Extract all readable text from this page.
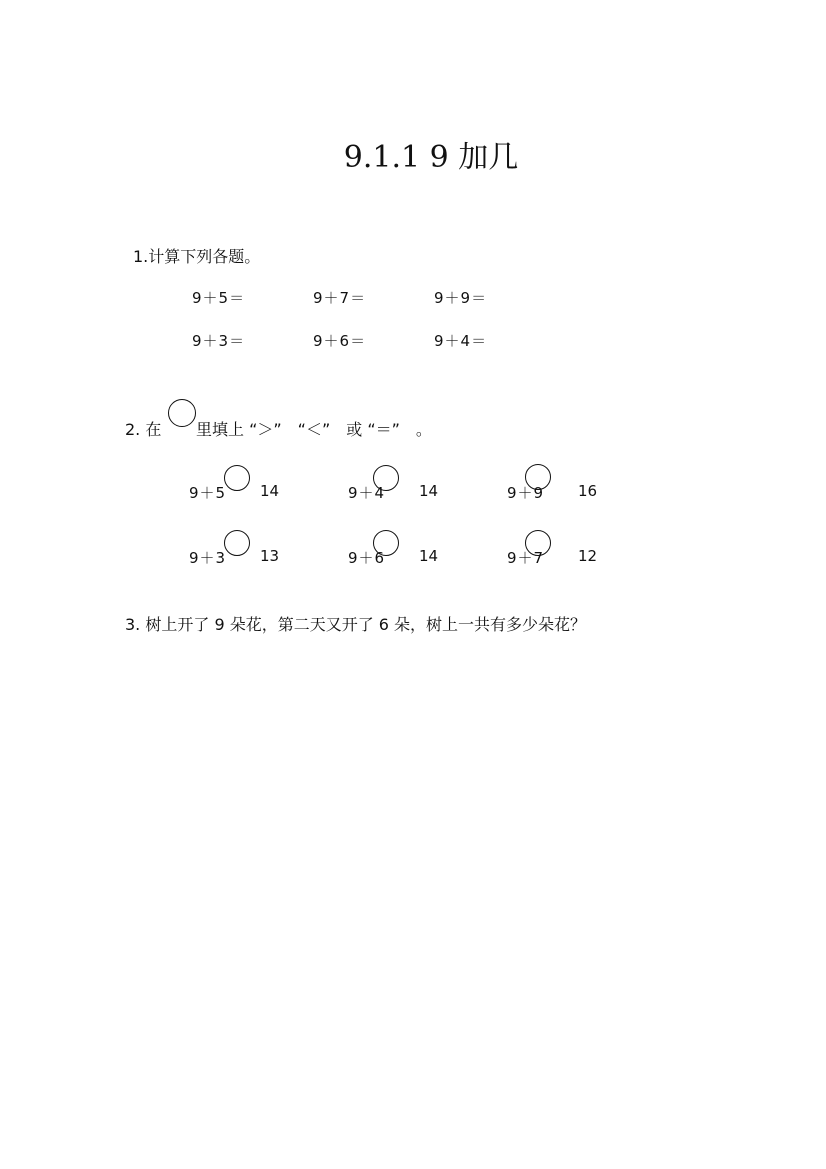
9.1.1 9 加几
1.计算下列各题。
9＋5＝	9＋7＝	9＋9＝
9＋3＝	9＋6＝	9＋4＝
2. 在 里填上 “＞”　“＜”　或 “＝”　。
9＋5 14	9＋4 14	9＋9 16
9＋3 13	9＋6 14	9＋7 12
3. 树上开了 9 朵花，第二天又开了 6 朵，树上一共有多少朵花？
